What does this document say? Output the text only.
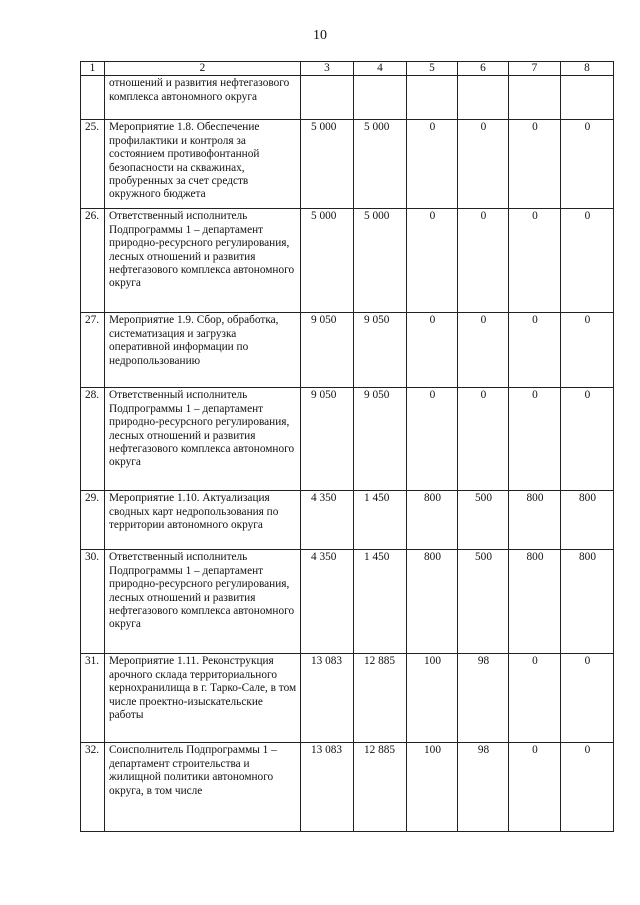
10
1	2	3	4	5	6	7	8
	отношений и развития нефтегазового комплекса автономного округа						
25.	Мероприятие 1.8. Обеспечение профилактики и контроля за состоянием противофонтанной безопасности на скважинах, пробуренных за счет средств окружного бюджета	5 000	5 000	0	0	0	0
26.	Ответственный исполнитель Подпрограммы 1 – департамент природно-ресурсного регулирования, лесных отношений и развития нефтегазового комплекса автономного округа	5 000	5 000	0	0	0	0
27.	Мероприятие 1.9. Сбор, обработка, систематизация и загрузка оперативной информации по недропользованию	9 050	9 050	0	0	0	0
28.	Ответственный исполнитель Подпрограммы 1 – департамент природно-ресурсного регулирования, лесных отношений и развития нефтегазового комплекса автономного округа	9 050	9 050	0	0	0	0
29.	Мероприятие 1.10. Актуализация сводных карт недропользования по территории автономного округа	4 350	1 450	800	500	800	800
30.	Ответственный исполнитель Подпрограммы 1 – департамент природно-ресурсного регулирования, лесных отношений и развития нефтегазового комплекса автономного округа	4 350	1 450	800	500	800	800
31.	Мероприятие 1.11. Реконструкция арочного склада территориального кернохранилища в г. Тарко-Сале, в том числе проектно-изыскательские работы	13 083	12 885	100	98	0	0
32.	Соисполнитель Подпрограммы 1 – департамент строительства и жилищной политики автономного округа, в том числе	13 083	12 885	100	98	0	0
